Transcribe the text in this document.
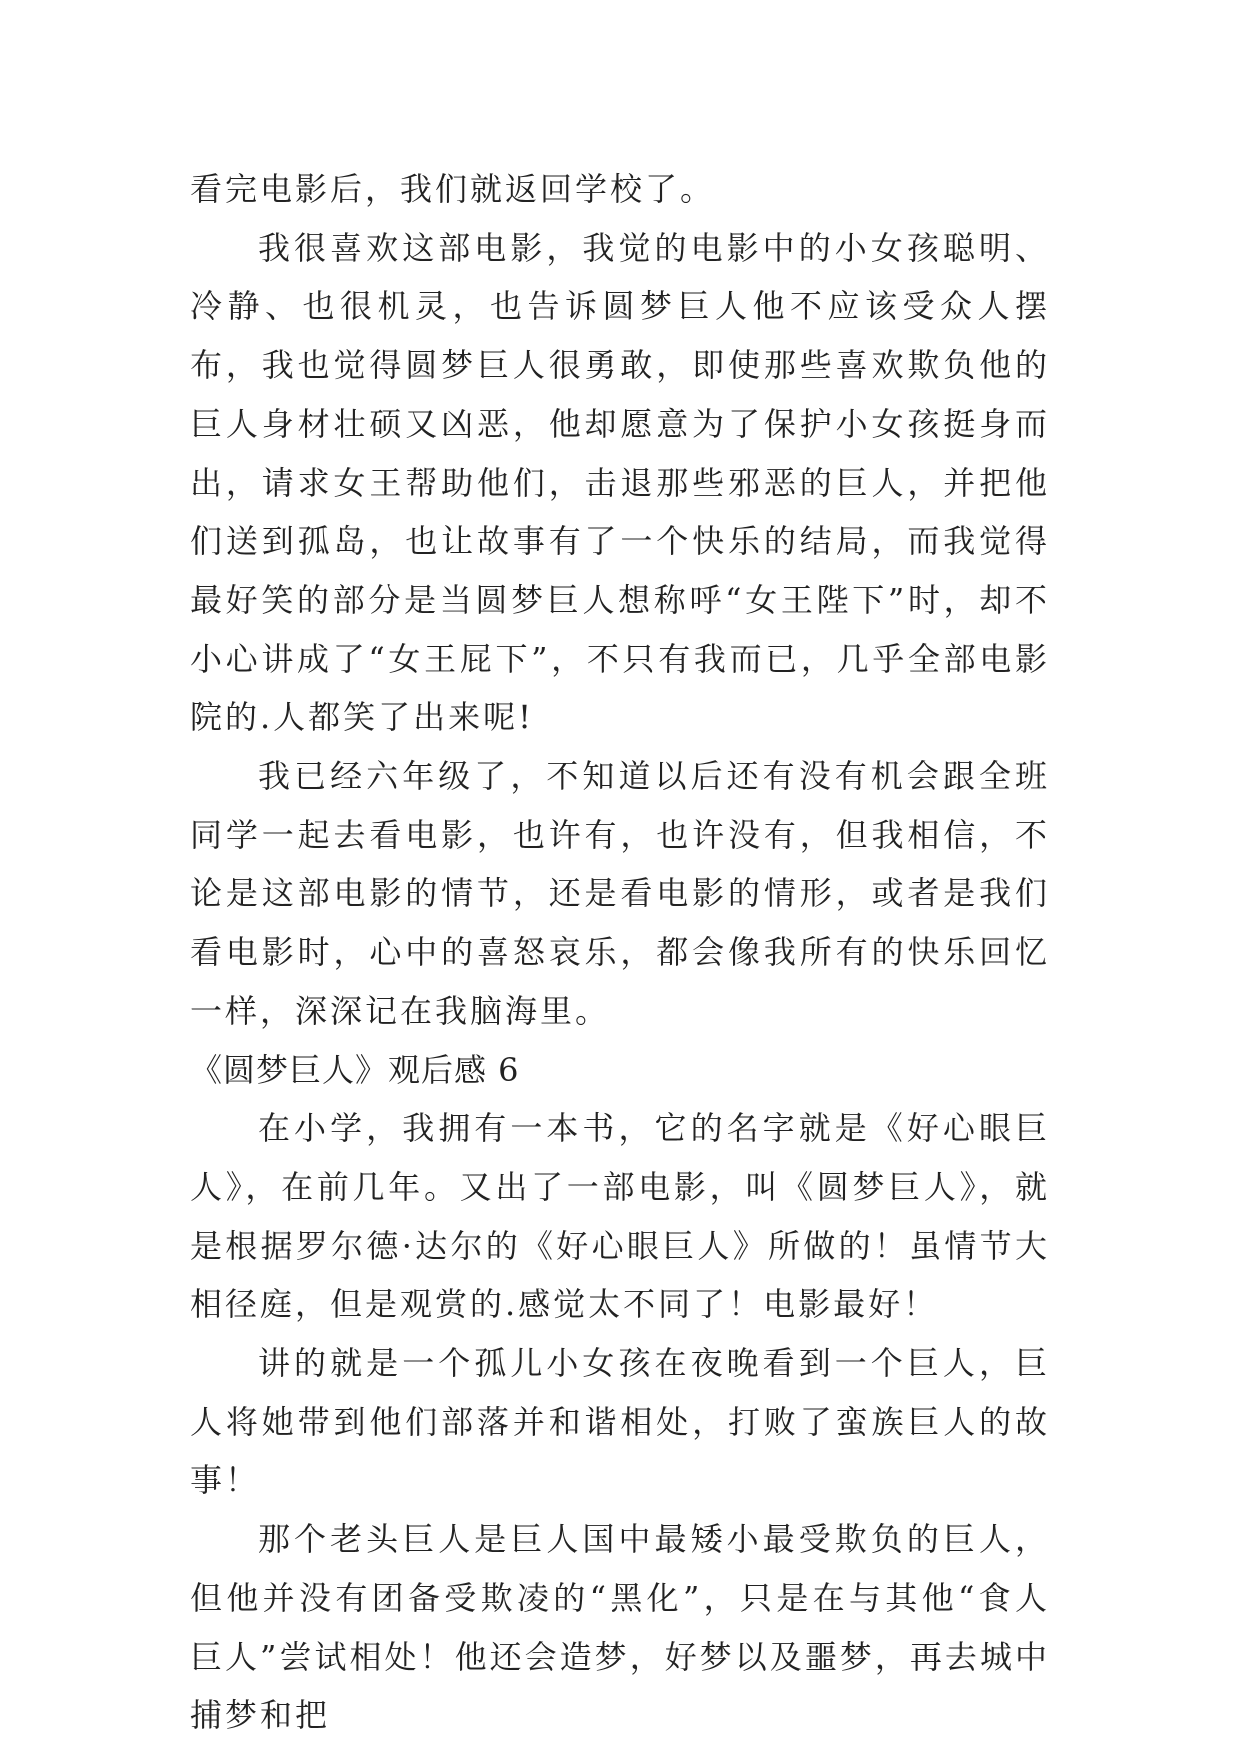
看完电影后，我们就返回学校了。

我很喜欢这部电影，我觉的电影中的小女孩聪明、冷静、也很机灵，也告诉圆梦巨人他不应该受众人摆布，我也觉得圆梦巨人很勇敢，即使那些喜欢欺负他的巨人身材壮硕又凶恶，他却愿意为了保护小女孩挺身而出，请求女王帮助他们，击退那些邪恶的巨人，并把他们送到孤岛，也让故事有了一个快乐的结局，而我觉得最好笑的部分是当圆梦巨人想称呼“女王陛下”时，却不小心讲成了“女王屁下”，不只有我而已，几乎全部电影院的.人都笑了出来呢!

我已经六年级了，不知道以后还有没有机会跟全班同学一起去看电影，也许有，也许没有，但我相信，不论是这部电影的情节，还是看电影的情形，或者是我们看电影时，心中的喜怒哀乐，都会像我所有的快乐回忆一样，深深记在我脑海里。

《圆梦巨人》观后感 6

在小学，我拥有一本书，它的名字就是《好心眼巨人》，在前几年。又出了一部电影，叫《圆梦巨人》，就是根据罗尔德·达尔的《好心眼巨人》所做的！虽情节大相径庭，但是观赏的.感觉太不同了！电影最好！

讲的就是一个孤儿小女孩在夜晚看到一个巨人，巨人将她带到他们部落并和谐相处，打败了蛮族巨人的故事！

那个老头巨人是巨人国中最矮小最受欺负的巨人，但他并没有团备受欺凌的“黑化”，只是在与其他“食人巨人”尝试相处！他还会造梦，好梦以及噩梦，再去城中捕梦和把
